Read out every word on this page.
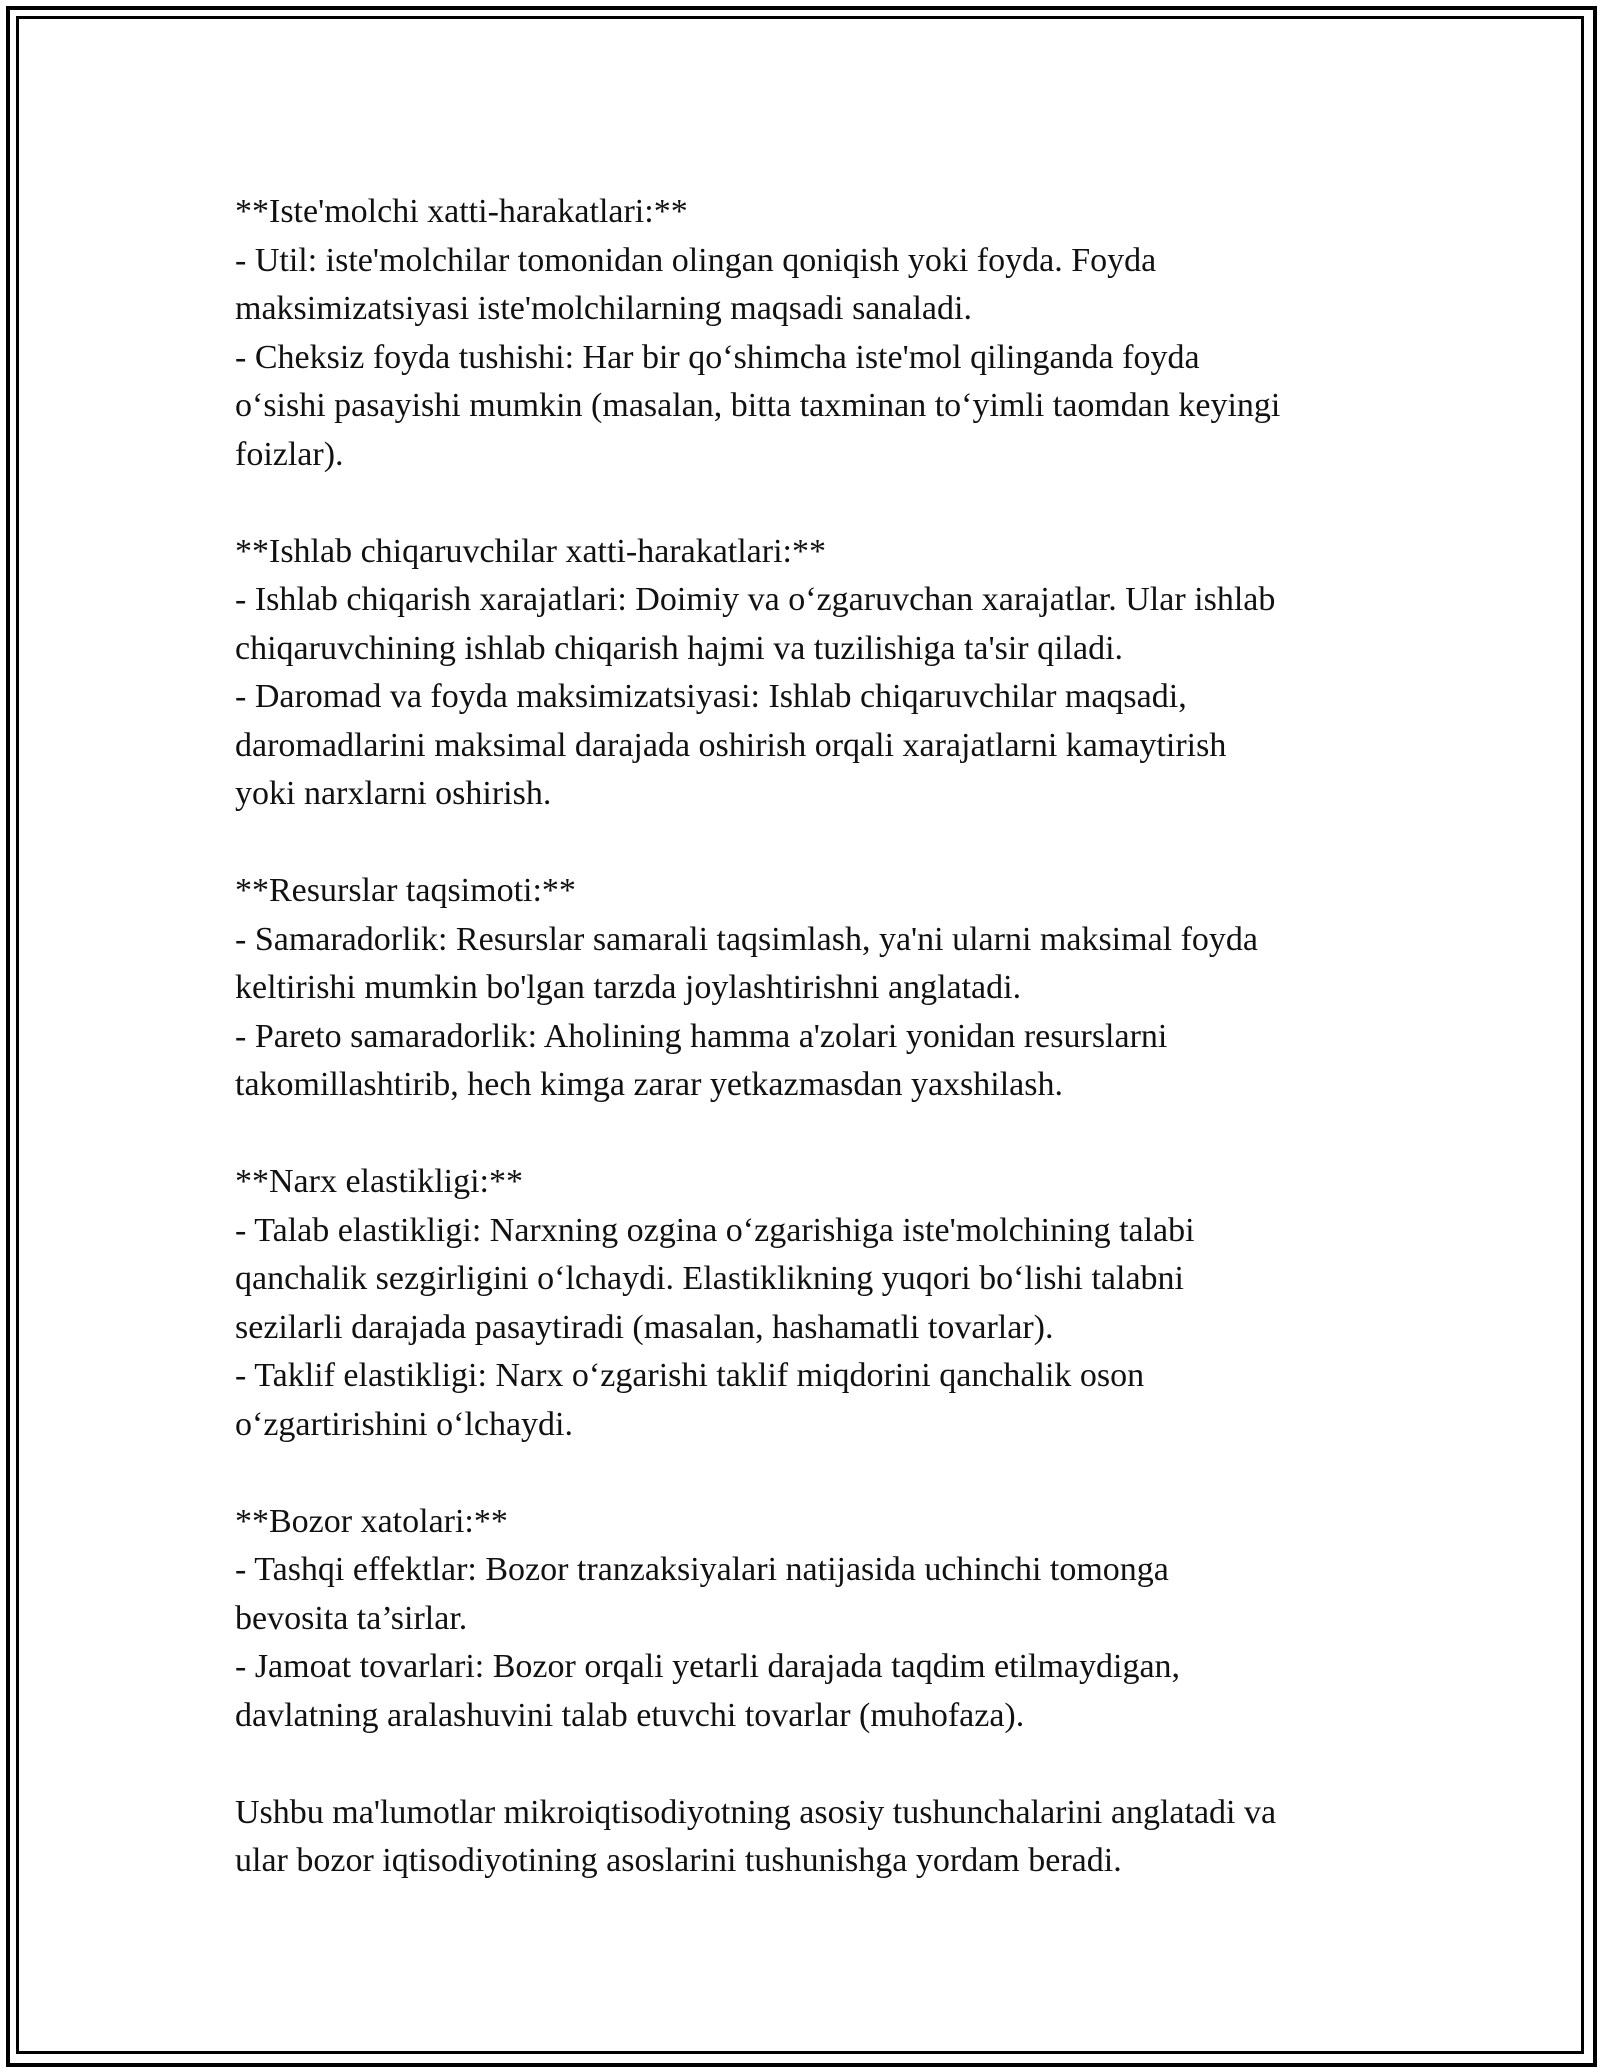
**Iste'molchi xatti-harakatlari:**

- Util: iste'molchilar tomonidan olingan qoniqish yoki foyda. Foyda

maksimizatsiyasi iste'molchilarning maqsadi sanaladi.

- Cheksiz foyda tushishi: Har bir qo‘shimcha iste'mol qilinganda foyda

o‘sishi pasayishi mumkin (masalan, bitta taxminan to‘yimli taomdan keyingi

foizlar).

**Ishlab chiqaruvchilar xatti-harakatlari:**

- Ishlab chiqarish xarajatlari: Doimiy va o‘zgaruvchan xarajatlar. Ular ishlab

chiqaruvchining ishlab chiqarish hajmi va tuzilishiga ta'sir qiladi.

- Daromad va foyda maksimizatsiyasi: Ishlab chiqaruvchilar maqsadi,

daromadlarini maksimal darajada oshirish orqali xarajatlarni kamaytirish

yoki narxlarni oshirish.

**Resurslar taqsimoti:**

- Samaradorlik: Resurslar samarali taqsimlash, ya'ni ularni maksimal foyda

keltirishi mumkin bo'lgan tarzda joylashtirishni anglatadi.

- Pareto samaradorlik: Aholining hamma a'zolari yonidan resurslarni

takomillashtirib, hech kimga zarar yetkazmasdan yaxshilash.

**Narx elastikligi:**

- Talab elastikligi: Narxning ozgina o‘zgarishiga iste'molchining talabi

qanchalik sezgirligini o‘lchaydi. Elastiklikning yuqori bo‘lishi talabni

sezilarli darajada pasaytiradi (masalan, hashamatli tovarlar).

- Taklif elastikligi: Narx o‘zgarishi taklif miqdorini qanchalik oson

o‘zgartirishini o‘lchaydi.

**Bozor xatolari:**

- Tashqi effektlar: Bozor tranzaksiyalari natijasida uchinchi tomonga

bevosita ta’sirlar.

- Jamoat tovarlari: Bozor orqali yetarli darajada taqdim etilmaydigan,

davlatning aralashuvini talab etuvchi tovarlar (muhofaza).

Ushbu ma'lumotlar mikroiqtisodiyotning asosiy tushunchalarini anglatadi va

ular bozor iqtisodiyotining asoslarini tushunishga yordam beradi.
